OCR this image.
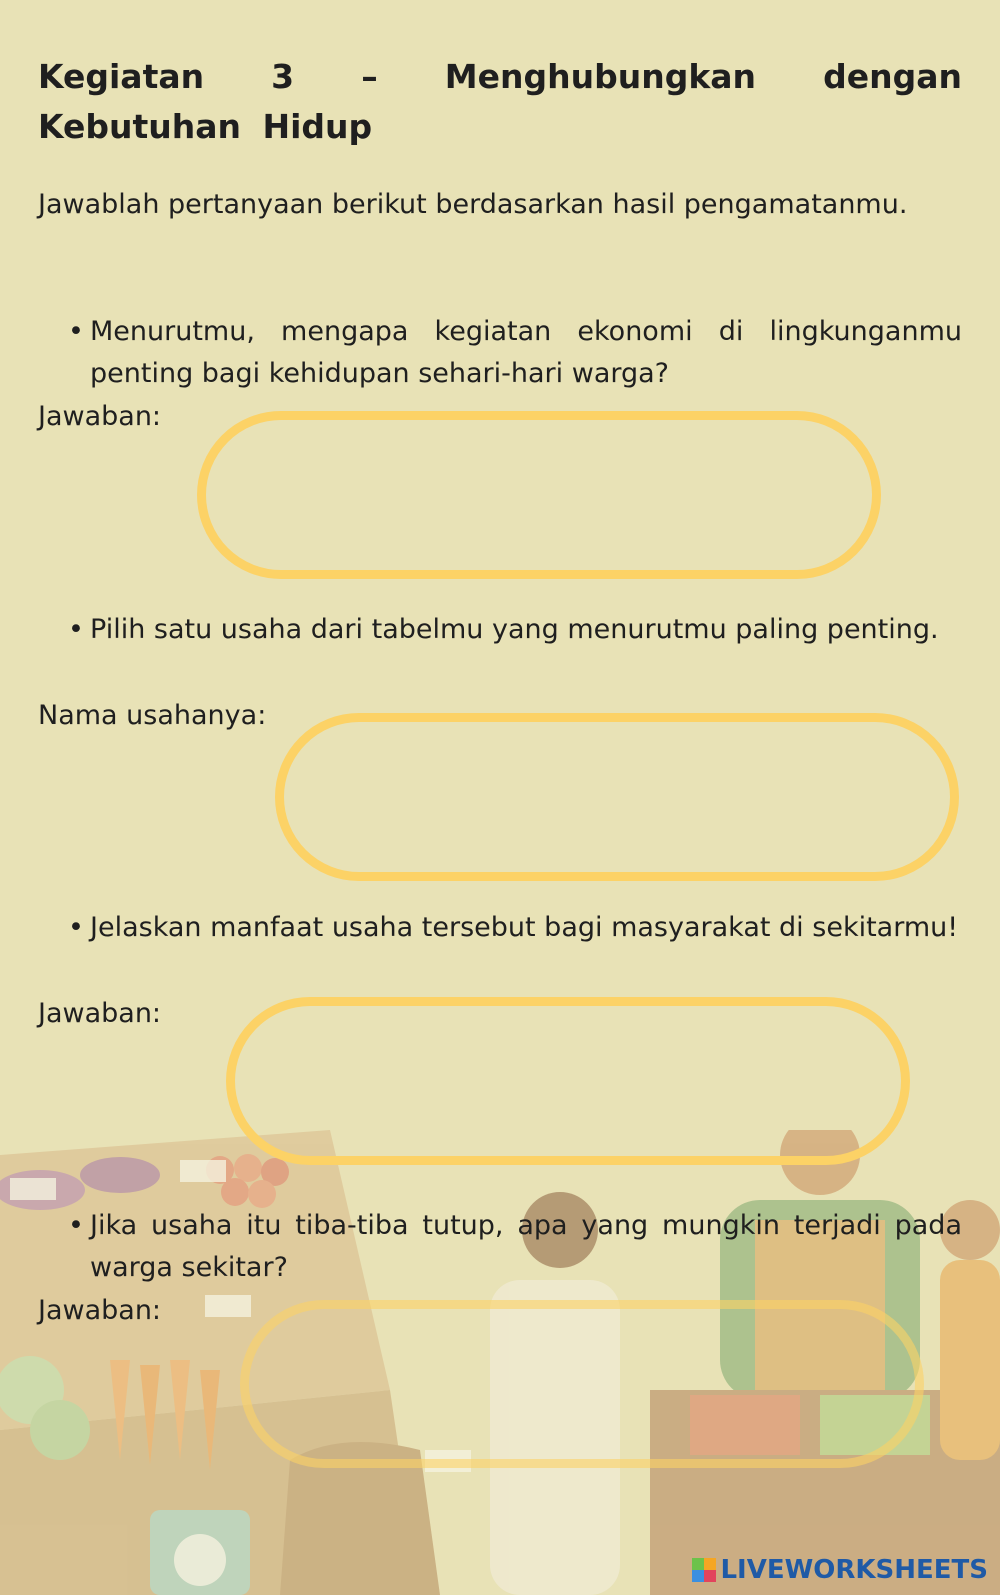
Kegiatan 3 – Menghubungkan dengan Kebutuhan Hidup

Jawablah pertanyaan berikut berdasarkan hasil pengamatanmu.

• Menurutmu, mengapa kegiatan ekonomi di lingkunganmu penting bagi kehidupan sehari-hari warga?

Jawaban:

• Pilih satu usaha dari tabelmu yang menurutmu paling penting.

Nama usahanya:

• Jelaskan manfaat usaha tersebut bagi masyarakat di sekitarmu!

Jawaban:

• Jika usaha itu tiba-tiba tutup, apa yang mungkin terjadi pada warga sekitar?

Jawaban:

LIVEWORKSHEETS
